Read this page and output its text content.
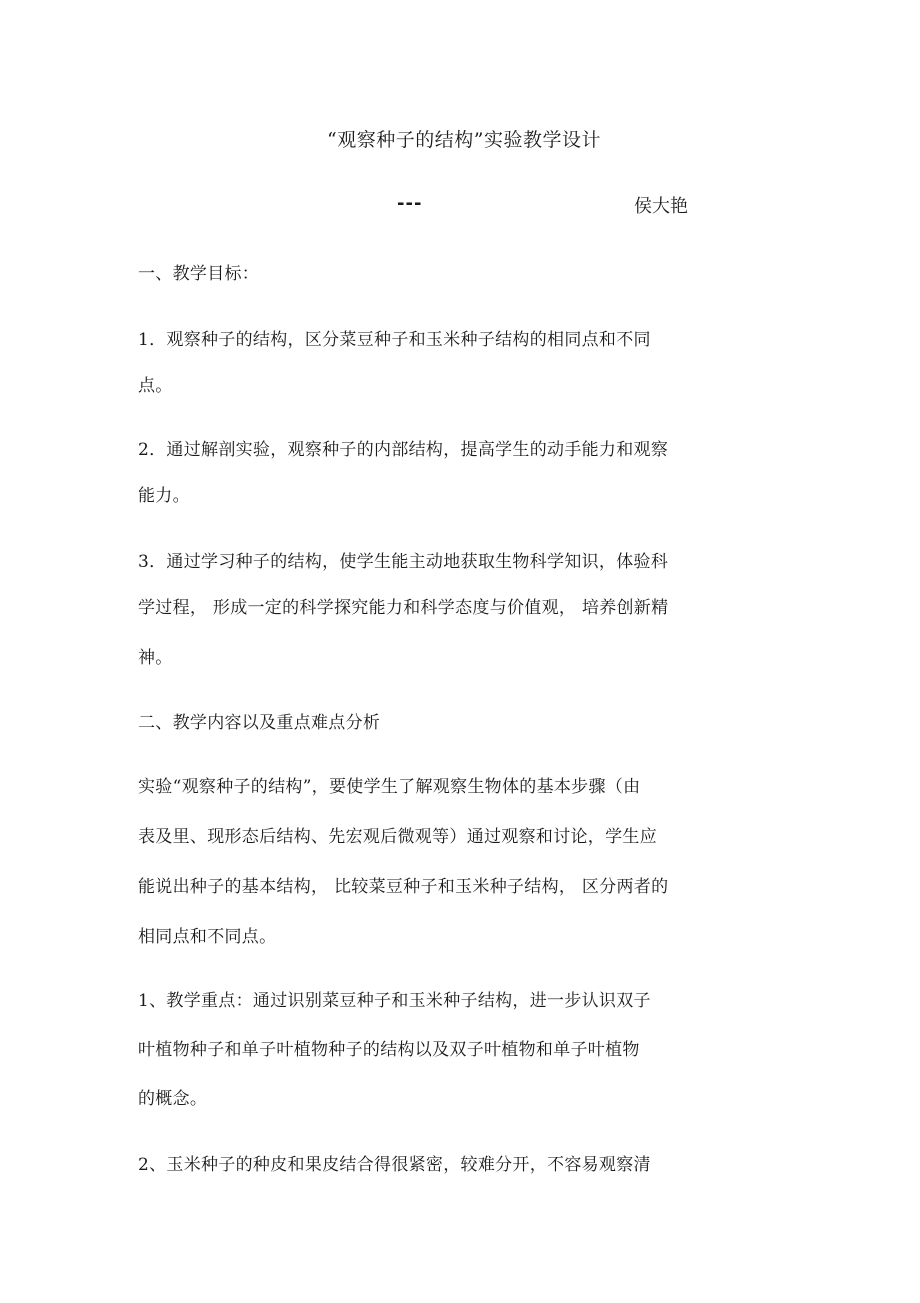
“观察种子的结构”实验教学设计
---	侯大艳
一、教学目标：
1．观察种子的结构，区分菜豆种子和玉米种子结构的相同点和不同
点。
2．通过解剖实验，观察种子的内部结构，提高学生的动手能力和观察
能力。
3．通过学习种子的结构，使学生能主动地获取生物科学知识，体验科
学过程， 形成一定的科学探究能力和科学态度与价值观， 培养创新精
神。
二、教学内容以及重点难点分析
实验“观察种子的结构”，要使学生了解观察生物体的基本步骤（由
表及里、现形态后结构、先宏观后微观等）通过观察和讨论，学生应
能说出种子的基本结构， 比较菜豆种子和玉米种子结构， 区分两者的
相同点和不同点。
1、教学重点：通过识别菜豆种子和玉米种子结构，进一步认识双子
叶植物种子和单子叶植物种子的结构以及双子叶植物和单子叶植物
的概念。
2、玉米种子的种皮和果皮结合得很紧密，较难分开，不容易观察清
